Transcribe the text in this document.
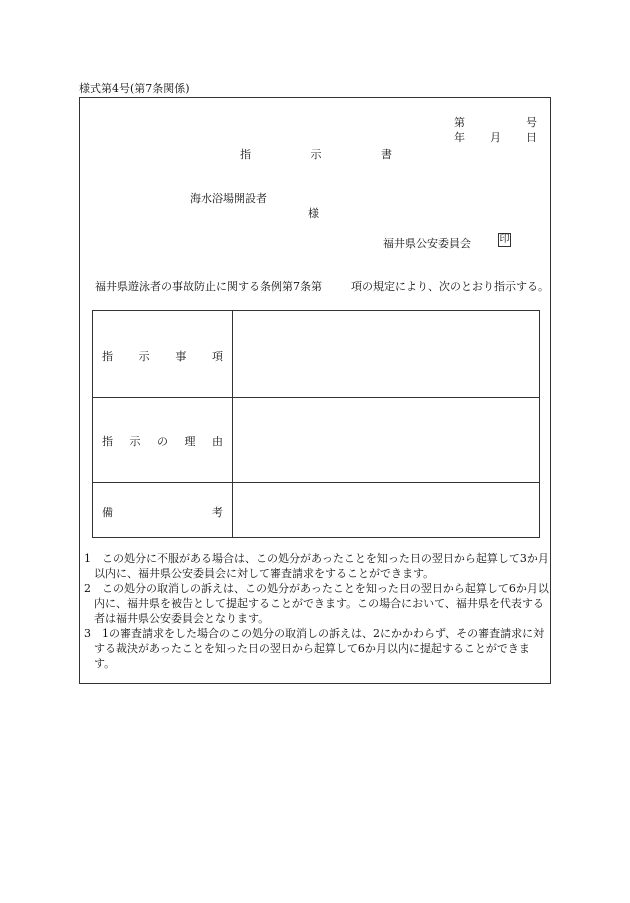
様式第4号(第7条関係)
第	号
年 月 日
指	示	書
海水浴場開設者
様
福井県公安委員会	印
福井県遊泳者の事故防止に関する条例第7条第	項の規定により、次のとおり指示する。
指 示 事 項
指 示 の 理 由
備	考
1　 この処分に不服がある場合は、この処分があったことを知った日の翌日から起算して3か月以内に、福井県公安委員会に対して審査請求をすることができます。
2　 この処分の取消しの訴えは、この処分があったことを知った日の翌日から起算して6か月以内に、福井県を被告として提起することができます。この場合において、福井県を代表する者は福井県公安委員会となります。
3　 1の審査請求をした場合のこの処分の取消しの訴えは、2にかかわらず、その審査請求に対する裁決があったことを知った日の翌日から起算して6か月以内に提起することができます。
